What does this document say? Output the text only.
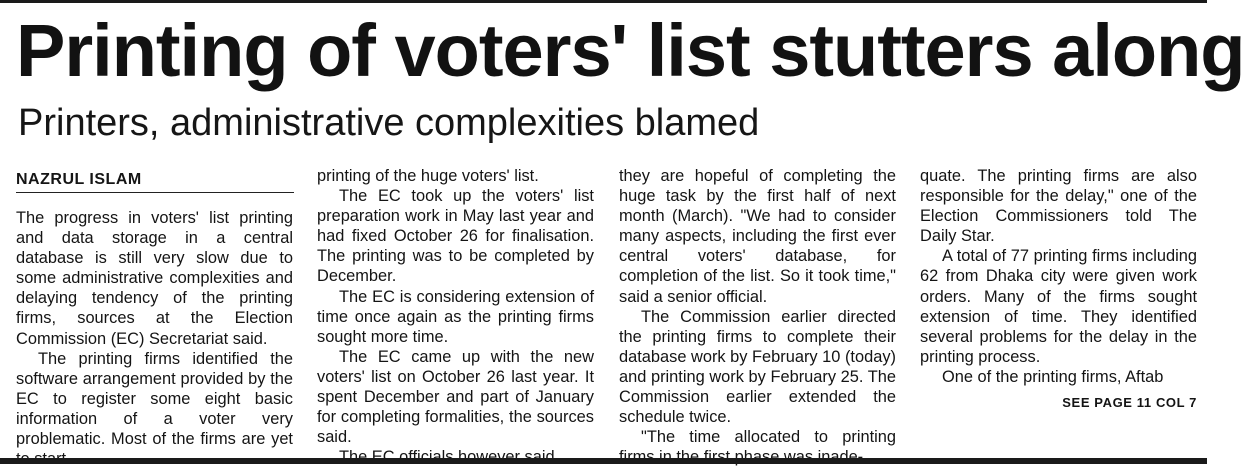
Printing of voters' list stutters along
Printers, administrative complexities blamed
NAZRUL ISLAM

The progress in voters' list printing and data storage in a central database is still very slow due to some administrative complexities and delaying tendency of the printing firms, sources at the Election Commission (EC) Secretariat said.

The printing firms identified the software arrangement provided by the EC to register some eight basic information of a voter very problematic. Most of the firms are yet

printing of the huge voters' list.

The EC took up the voters' list preparation work in May last year and had fixed October 26 for finalisation. The printing was to be completed by December.

The EC is considering extension of time once again as the printing firms sought more time.

The EC came up with the new voters' list on October 26 last year. It spent December and part of January for completing formalities, the sources said.

they are hopeful of completing the huge task by the first half of next month (March). "We had to consider many aspects, including the first ever central voters' database, for completion of the list. So it took time," said a senior official.

The Commission earlier directed the printing firms to complete their database work by February 10 (today) and printing work by February 25. The Commission earlier extended the schedule twice.

"The time allocated to printing

quate. The printing firms are also responsible for the delay," one of the Election Commissioners told The Daily Star.

A total of 77 printing firms including 62 from Dhaka city were given work orders. Many of the firms sought extension of time. They identified several problems for the delay in the printing process.

One of the printing firms, Aftab

SEE PAGE 11 COL 7
